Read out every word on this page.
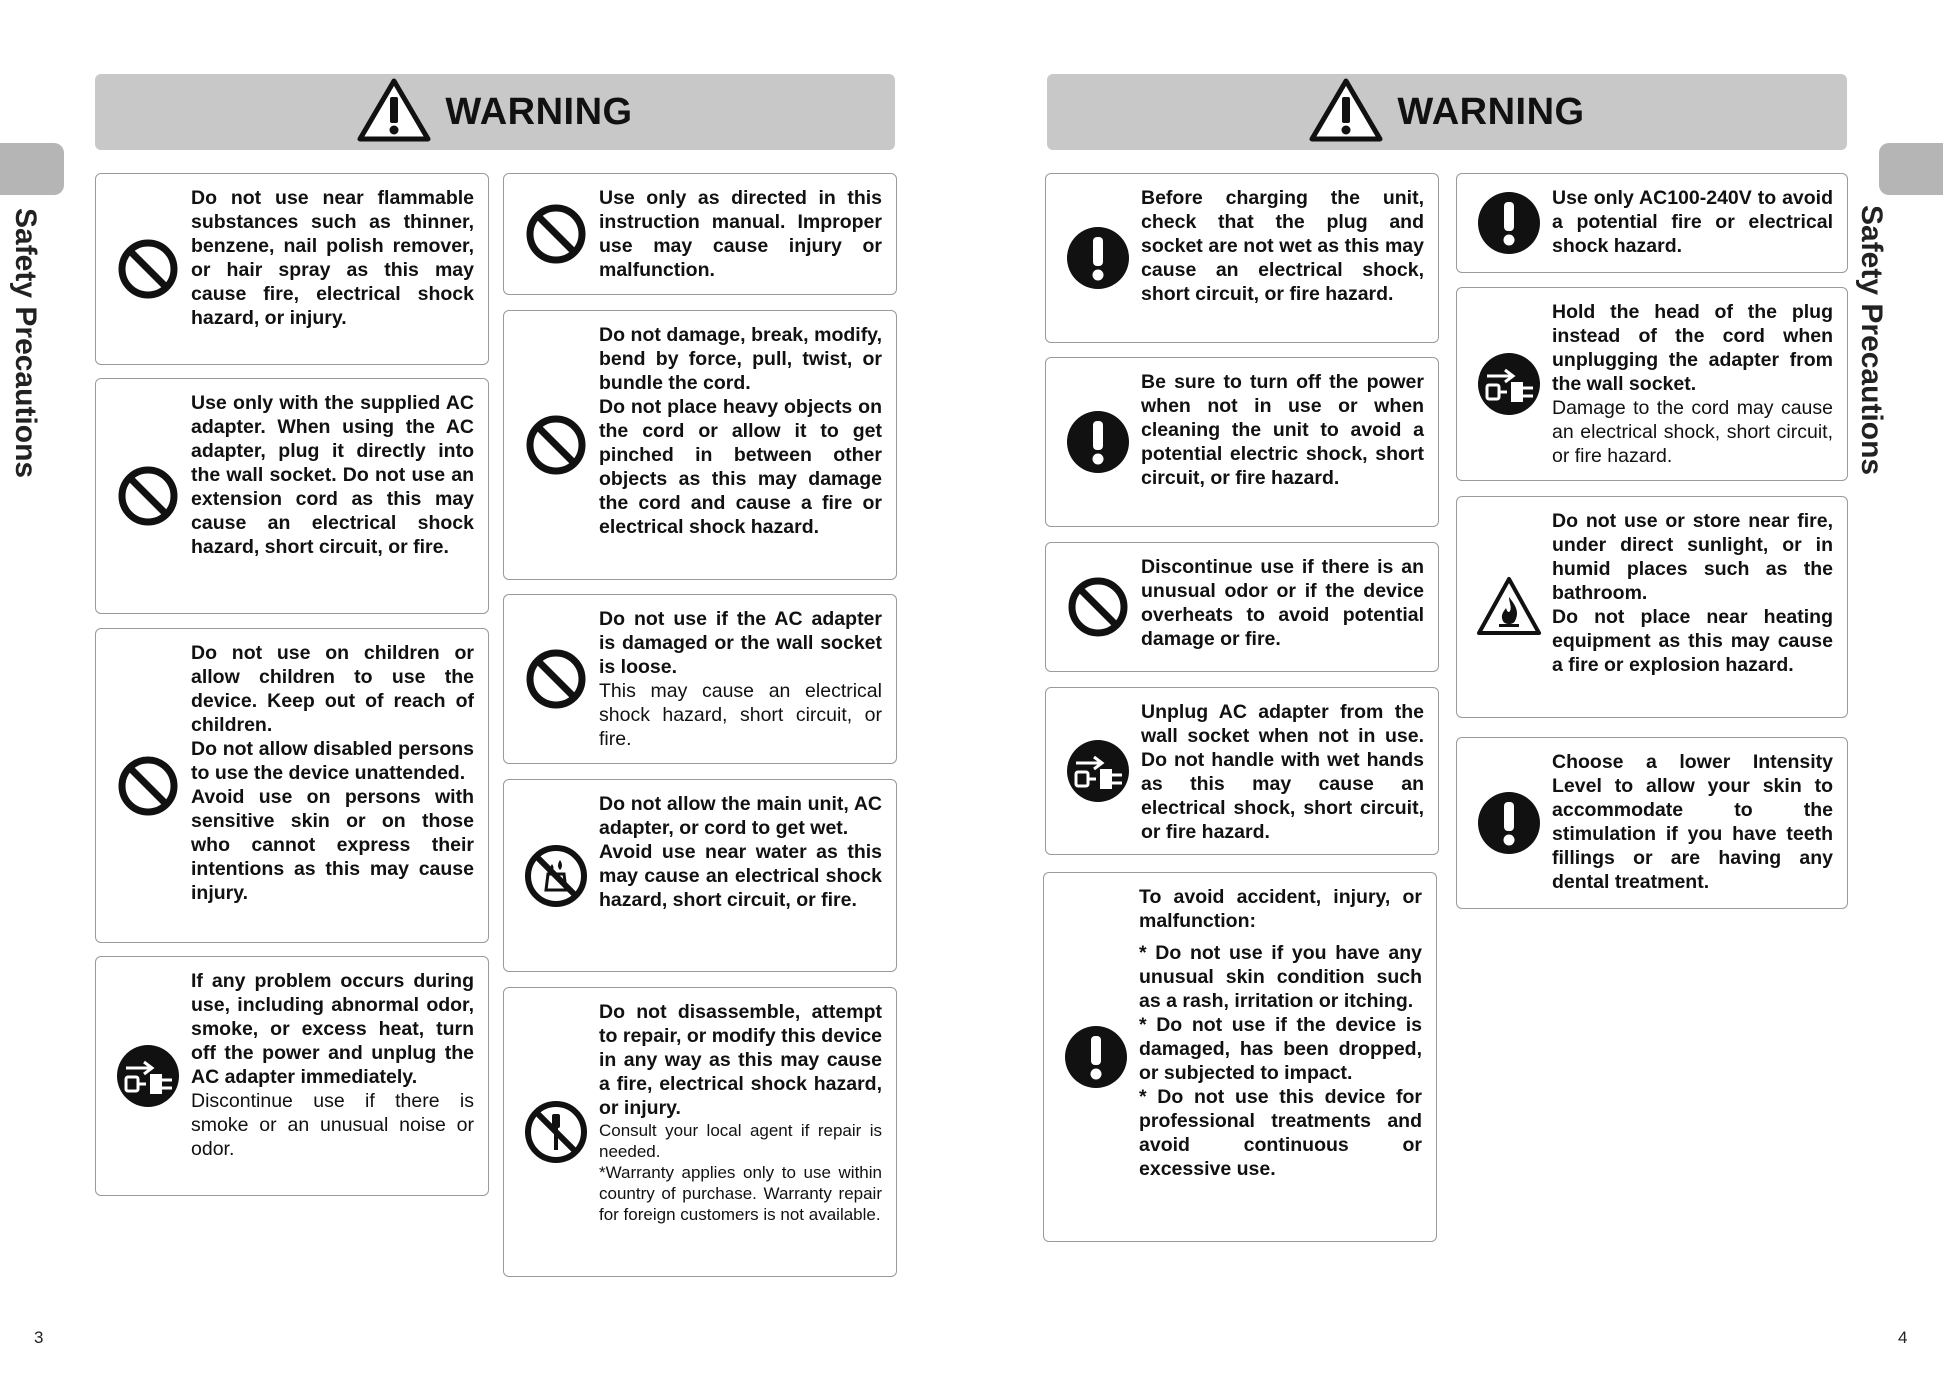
WARNING	WARNING
Safety Precautions	Safety Precautions

Do not use near flammable substances such as thinner, benzene, nail polish remover, or hair spray as this may cause fire, electrical shock hazard, or injury.

Use only with the supplied AC adapter. When using the AC adapter, plug it directly into the wall socket. Do not use an extension cord as this may cause an electrical shock hazard, short circuit, or fire.

Do not use on children or allow children to use the device. Keep out of reach of children.

Do not allow disabled persons to use the device unattended.

Avoid use on persons with sensitive skin or on those who cannot express their intentions as this may cause injury.

If any problem occurs during use, including abnormal odor, smoke, or excess heat, turn off the power and unplug the AC adapter immediately.

Discontinue use if there is smoke or an unusual noise or odor.

Use only as directed in this instruction manual. Improper use may cause injury or malfunction.

Do not damage, break, modify, bend by force, pull, twist, or bundle the cord.

Do not place heavy objects on the cord or allow it to get pinched in between other objects as this may damage the cord and cause a fire or electrical shock hazard.

Do not use if the AC adapter is damaged or the wall socket is loose.

This may cause an electrical shock hazard, short circuit, or fire.

Do not allow the main unit, AC adapter, or cord to get wet.

Avoid use near water as this may cause an electrical shock hazard, short circuit, or fire.

Do not disassemble, attempt to repair, or modify this device in any way as this may cause a fire, electrical shock hazard, or injury.

Consult your local agent if repair is needed.

*Warranty applies only to use within country of purchase. Warranty repair for foreign customers is not available.

Before charging the unit, check that the plug and socket are not wet as this may cause an electrical shock, short circuit, or fire hazard.

Be sure to turn off the power when not in use or when cleaning the unit to avoid a potential electric shock, short circuit, or fire hazard.

Discontinue use if there is an unusual odor or if the device overheats to avoid potential damage or fire.

Unplug AC adapter from the wall socket when not in use. Do not handle with wet hands as this may cause an electrical shock, short circuit, or fire hazard.

To avoid accident, injury, or malfunction:

* Do not use if you have any unusual skin condition such as a rash, irritation or itching.

* Do not use if the device is damaged, has been dropped, or subjected to impact.

* Do not use this device for professional treatments and avoid continuous or excessive use.

Use only AC100-240V to avoid a potential fire or electrical shock hazard.

Hold the head of the plug instead of the cord when unplugging the adapter from the wall socket.

Damage to the cord may cause an electrical shock, short circuit, or fire hazard.

Do not use or store near fire, under direct sunlight, or in humid places such as the bathroom.

Do not place near heating equipment as this may cause a fire or explosion hazard.

Choose a lower Intensity Level to allow your skin to accommodate to the stimulation if you have teeth fillings or are having any dental treatment.

3	4
